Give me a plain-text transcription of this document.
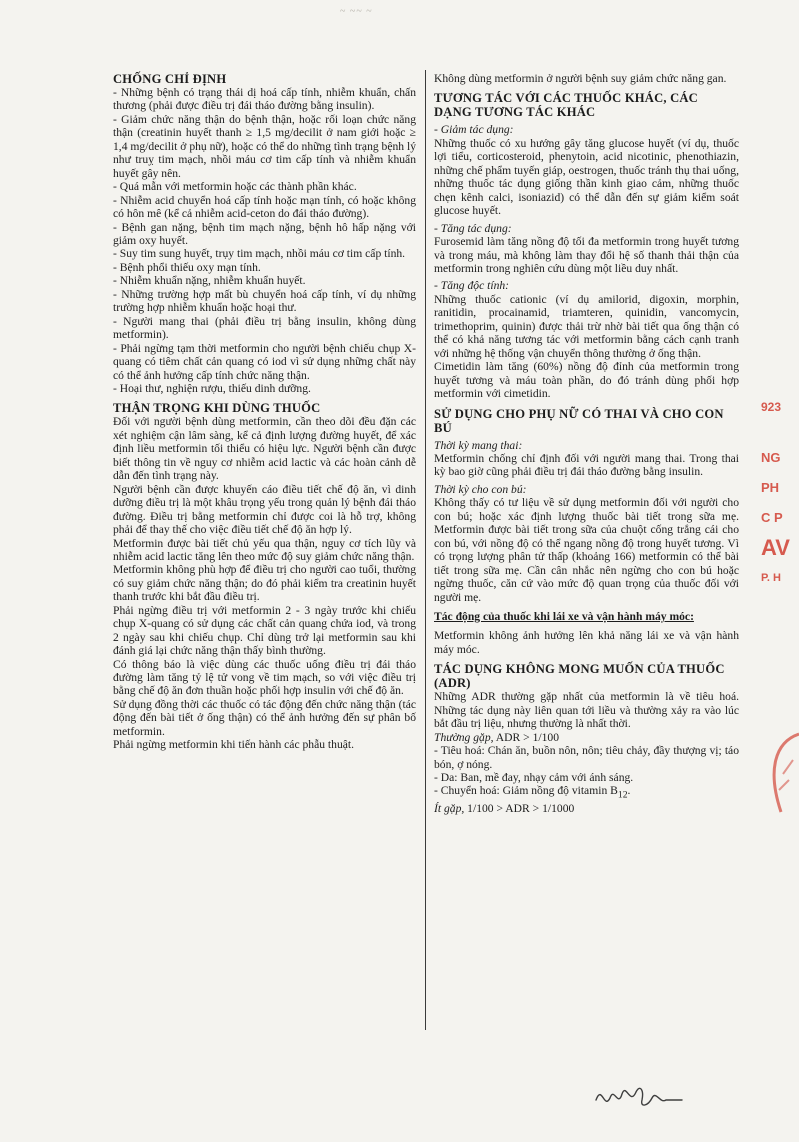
~ ~~ ~
CHỐNG CHỈ ĐỊNH

- Những bệnh có trạng thái dị hoá cấp tính, nhiễm khuẩn, chấn thương (phải được điều trị đái tháo đường bằng insulin).

- Giảm chức năng thận do bệnh thận, hoặc rối loạn chức năng thận (creatinin huyết thanh ≥ 1,5 mg/decilit ở nam giới hoặc ≥ 1,4 mg/decilit ở phụ nữ), hoặc có thể do những tình trạng bệnh lý như truỵ tim mạch, nhồi máu cơ tim cấp tính và nhiễm khuẩn huyết gây nên.

- Quá mẫn với metformin hoặc các thành phần khác.

- Nhiễm acid chuyển hoá cấp tính hoặc mạn tính, có hoặc không có hôn mê (kể cả nhiễm acid-ceton do đái tháo đường).

- Bệnh gan nặng, bệnh tim mạch nặng, bệnh hô hấp nặng với giảm oxy huyết.

- Suy tim sung huyết, trụy tim mạch, nhồi máu cơ tim cấp tính.

- Bệnh phổi thiếu oxy mạn tính.

- Nhiễm khuẩn nặng, nhiễm khuẩn huyết.

- Những trường hợp mất bù chuyển hoá cấp tính, ví dụ những trường hợp nhiễm khuẩn hoặc hoại thư.

- Người mang thai (phải điều trị bằng insulin, không dùng metformin).

- Phải ngừng tạm thời metformin cho người bệnh chiếu chụp X-quang có tiêm chất cản quang có iod vì sử dụng những chất này có thể ảnh hưởng cấp tính chức năng thận.

- Hoại thư, nghiện rượu, thiếu dinh dưỡng.

THẬN TRỌNG KHI DÙNG THUỐC

Đối với người bệnh dùng metformin, cần theo dõi đều đặn các xét nghiệm cận lâm sàng, kể cả định lượng đường huyết, để xác định liều metformin tối thiểu có hiệu lực. Người bệnh cần được biết thông tin về nguy cơ nhiễm acid lactic và các hoàn cảnh dễ dẫn đến tình trạng này.

Người bệnh cần được khuyến cáo điều tiết chế độ ăn, vì dinh dưỡng điều trị là một khâu trọng yếu trong quản lý bệnh đái tháo đường. Điều trị bằng metformin chỉ được coi là hỗ trợ, không phải để thay thế cho việc điều tiết chế độ ăn hợp lý.

Metformin được bài tiết chủ yếu qua thận, nguy cơ tích lũy và nhiễm acid lactic tăng lên theo mức độ suy giảm chức năng thận.

Metformin không phù hợp để điều trị cho người cao tuổi, thường có suy giảm chức năng thận; do đó phải kiểm tra creatinin huyết thanh trước khi bắt đầu điều trị.

Phải ngừng điều trị với metformin 2 - 3 ngày trước khi chiếu chụp X-quang có sử dụng các chất cản quang chứa iod, và trong 2 ngày sau khi chiếu chụp. Chỉ dùng trở lại metformin sau khi đánh giá lại chức năng thận thấy bình thường.

Có thông báo là việc dùng các thuốc uống điều trị đái tháo đường làm tăng tỷ lệ tử vong về tim mạch, so với việc điều trị bằng chế độ ăn đơn thuần hoặc phối hợp insulin với chế độ ăn.

Sử dụng đồng thời các thuốc có tác động đến chức năng thận (tác động đến bài tiết ở ống thận) có thể ảnh hưởng đến sự phân bố metformin.

Phải ngừng metformin khi tiến hành các phẫu thuật.

Không dùng metformin ở người bệnh suy giảm chức năng gan.

TƯƠNG TÁC VỚI CÁC THUỐC KHÁC, CÁC DẠNG TƯƠNG TÁC KHÁC

- Giảm tác dụng:

Những thuốc có xu hướng gây tăng glucose huyết (ví dụ, thuốc lợi tiểu, corticosteroid, phenytoin, acid nicotinic, phenothiazin, những chế phẩm tuyến giáp, oestrogen, thuốc tránh thụ thai uống, những thuốc tác dụng giống thần kinh giao cảm, những thuốc chẹn kênh calci, isoniazid) có thể dẫn đến sự giảm kiểm soát glucose huyết.

- Tăng tác dụng:

Furosemid làm tăng nồng độ tối đa metformin trong huyết tương và trong máu, mà không làm thay đổi hệ số thanh thải thận của metformin trong nghiên cứu dùng một liều duy nhất.

- Tăng độc tính:

Những thuốc cationic (ví dụ amilorid, digoxin, morphin, ranitidin, procainamid, triamteren, quinidin, vancomycin, trimethoprim, quinin) được thải trừ nhờ bài tiết qua ống thận có thể có khả năng tương tác với metformin bằng cách cạnh tranh với những hệ thống vận chuyển thông thường ở ống thận.

Cimetidin làm tăng (60%) nồng độ đỉnh của metformin trong huyết tương và máu toàn phần, do đó tránh dùng phối hợp metformin với cimetidin.

SỬ DỤNG CHO PHỤ NỮ CÓ THAI VÀ CHO CON BÚ

Thời kỳ mang thai:

Metformin chống chỉ định đối với người mang thai. Trong thai kỳ bao giờ cũng phải điều trị đái tháo đường bằng insulin.

Thời kỳ cho con bú:

Không thấy có tư liệu về sử dụng metformin đối với người cho con bú; hoặc xác định lượng thuốc bài tiết trong sữa mẹ. Metformin được bài tiết trong sữa của chuột cống trắng cái cho con bú, với nồng độ có thể ngang nồng độ trong huyết tương. Vì có trọng lượng phân tử thấp (khoảng 166) metformin có thể bài tiết trong sữa mẹ. Cần cân nhắc nên ngừng cho con bú hoặc ngừng thuốc, căn cứ vào mức độ quan trọng của thuốc đối với người mẹ.

Tác động của thuốc khi lái xe và vận hành máy móc:

Metformin không ảnh hưởng lên khả năng lái xe và vận hành máy móc.

TÁC DỤNG KHÔNG MONG MUỐN CỦA THUỐC (ADR)

Những ADR thường gặp nhất của metformin là về tiêu hoá. Những tác dụng này liên quan tới liều và thường xảy ra vào lúc bắt đầu trị liệu, nhưng thường là nhất thời.

Thường gặp, ADR > 1/100

- Tiêu hoá: Chán ăn, buồn nôn, nôn; tiêu chảy, đầy thượng vị; táo bón, ợ nóng.

- Da: Ban, mề đay, nhạy cảm với ánh sáng.

- Chuyển hoá: Giảm nồng độ vitamin $B_{12}$.

Ít gặp, 1/100 > ADR > 1/1000

923
NG
PH
C P
AV
P. H
